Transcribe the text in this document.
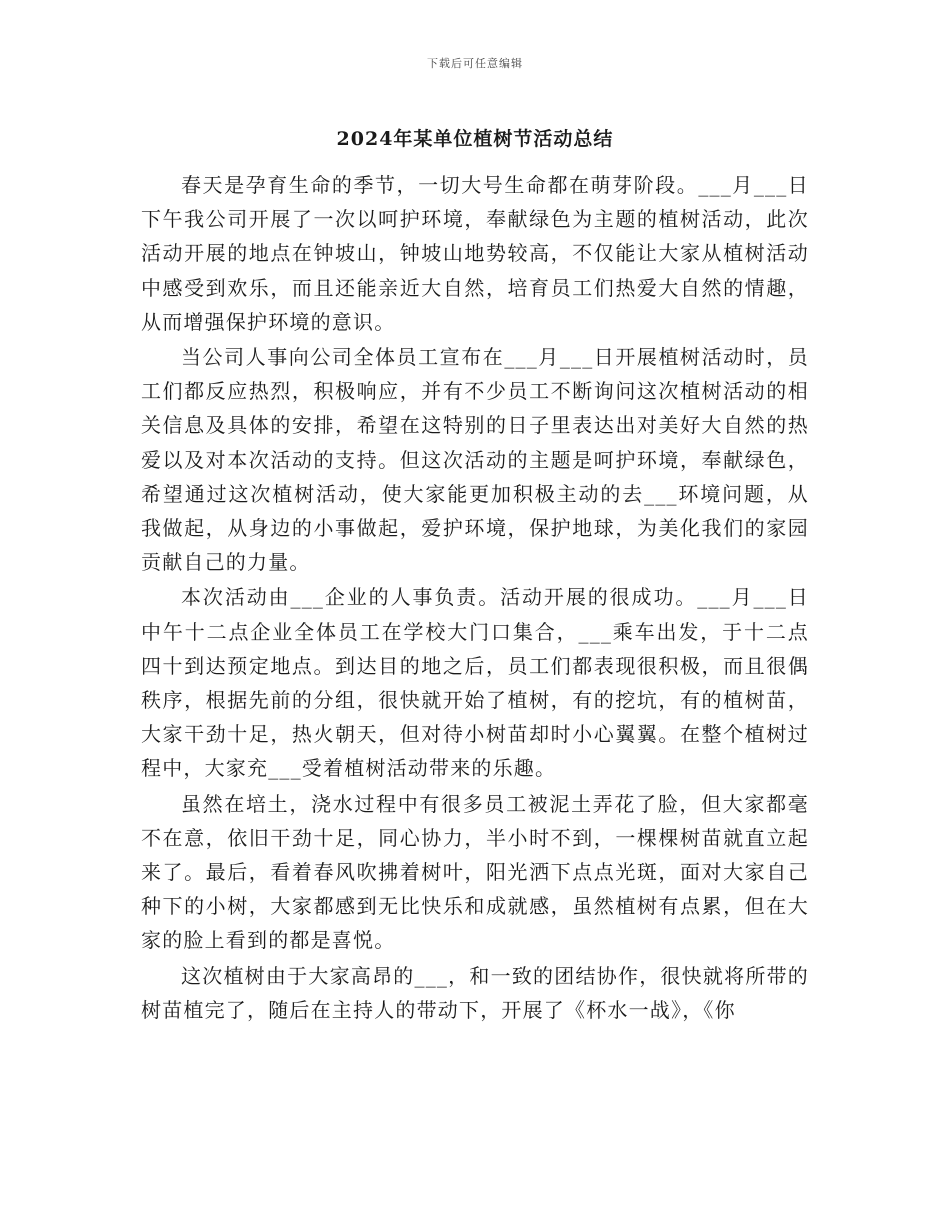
下载后可任意编辑
2024年某单位植树节活动总结

春天是孕育生命的季节，一切大号生命都在萌芽阶段。___月___日下午我公司开展了一次以呵护环境，奉献绿色为主题的植树活动，此次活动开展的地点在钟坡山，钟坡山地势较高，不仅能让大家从植树活动中感受到欢乐，而且还能亲近大自然，培育员工们热爱大自然的情趣，从而增强保护环境的意识。

当公司人事向公司全体员工宣布在___月___日开展植树活动时，员工们都反应热烈，积极响应，并有不少员工不断询问这次植树活动的相关信息及具体的安排，希望在这特别的日子里表达出对美好大自然的热爱以及对本次活动的支持。但这次活动的主题是呵护环境，奉献绿色，希望通过这次植树活动，使大家能更加积极主动的去___环境问题，从我做起，从身边的小事做起，爱护环境，保护地球，为美化我们的家园贡献自己的力量。

本次活动由___企业的人事负责。活动开展的很成功。___月___日中午十二点企业全体员工在学校大门口集合，___乘车出发，于十二点四十到达预定地点。到达目的地之后，员工们都表现很积极，而且很偶秩序，根据先前的分组，很快就开始了植树，有的挖坑，有的植树苗，大家干劲十足，热火朝天，但对待小树苗却时小心翼翼。在整个植树过程中，大家充___受着植树活动带来的乐趣。

虽然在培土，浇水过程中有很多员工被泥土弄花了脸，但大家都毫不在意，依旧干劲十足，同心协力，半小时不到，一棵棵树苗就直立起来了。最后，看着春风吹拂着树叶，阳光洒下点点光斑，面对大家自己种下的小树，大家都感到无比快乐和成就感，虽然植树有点累，但在大家的脸上看到的都是喜悦。

这次植树由于大家高昂的___，和一致的团结协作，很快就将所带的树苗植完了，随后在主持人的带动下，开展了《杯水一战》，《你
